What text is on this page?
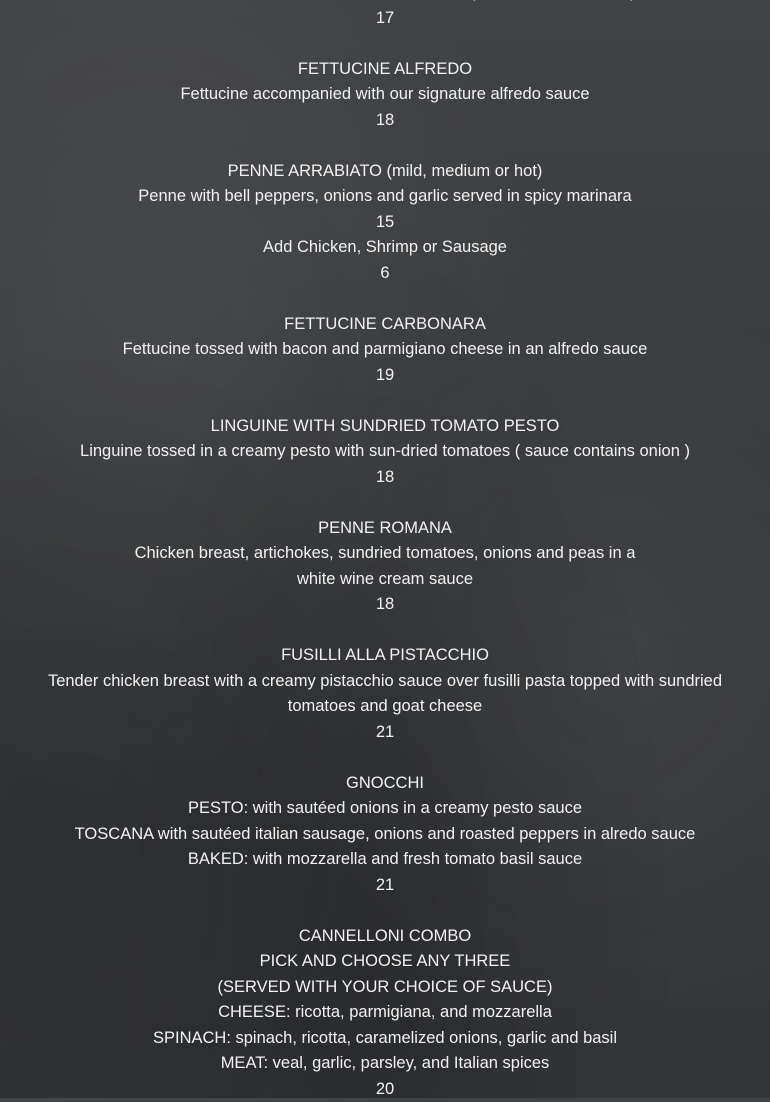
17
FETTUCINE ALFREDO
Fettucine accompanied with our signature alfredo sauce
18
PENNE ARRABIATO (mild, medium or hot)
Penne with bell peppers, onions and garlic served in spicy marinara
15
Add Chicken, Shrimp or Sausage
6
FETTUCINE CARBONARA
Fettucine tossed with bacon and parmigiano cheese in an alfredo sauce
19
LINGUINE WITH SUNDRIED TOMATO PESTO
Linguine tossed in a creamy pesto with sun-dried tomatoes ( sauce contains onion )
18
PENNE ROMANA
Chicken breast, artichokes, sundried tomatoes, onions and peas in a
white wine cream sauce
18
FUSILLI ALLA PISTACCHIO
Tender chicken breast with a creamy pistacchio sauce over fusilli pasta topped with sundried
tomatoes and goat cheese
21
GNOCCHI
PESTO: with sautéed onions in a creamy pesto sauce
TOSCANA with sautéed italian sausage, onions and roasted peppers in alredo sauce
BAKED: with mozzarella and fresh tomato basil sauce
21
CANNELLONI COMBO
PICK AND CHOOSE ANY THREE
(SERVED WITH YOUR CHOICE OF SAUCE)
CHEESE: ricotta, parmigiana, and mozzarella
SPINACH: spinach, ricotta, caramelized onions, garlic and basil
MEAT: veal, garlic, parsley, and Italian spices
20
